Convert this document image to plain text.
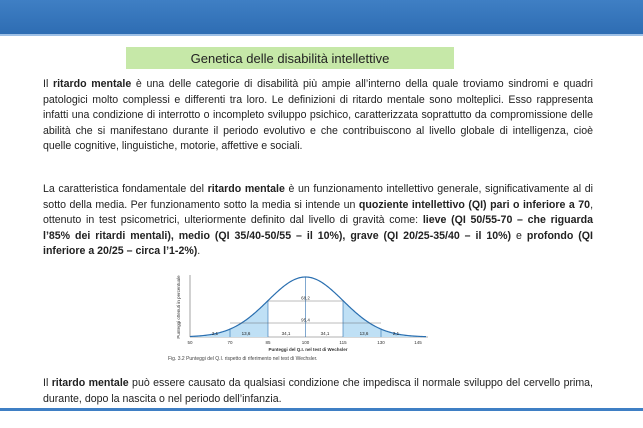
Genetica delle disabilità intellettive

Il ritardo mentale è una delle categorie di disabilità più ampie all’interno della quale troviamo sindromi e quadri patologici molto complessi e differenti tra loro. Le definizioni di ritardo mentale sono molteplici. Esso rappresenta infatti una condizione di interrotto o incompleto sviluppo psichico, caratterizzata soprattutto da compromissione delle abilità che si manifestano durante il periodo evolutivo e che contribuiscono al livello globale di intelligenza, cioè quelle cognitive, linguistiche, motorie, affettive e sociali.

La caratteristica fondamentale del ritardo mentale è un funzionamento intellettivo generale, significativamente al di sotto della media. Per funzionamento sotto la media si intende un quoziente intellettivo (QI) pari o inferiore a 70, ottenuto in test psicometrici, ulteriormente definito dal livello di gravità come: lieve (QI 50/55-70 – che riguarda l’85% dei ritardi mentali), medio (QI 35/40-50/55 – il 10%), grave (QI 20/25-35/40 – il 10%) e profondo (QI inferiore a 20/25 – circa l’1-2%).

Punteggi ottenuti in percentuale	68,2
95,4
2,1	13,6	34,1	34,1	13,6	2,1
50	70	85	100	115	130	145
Punteggi del Q.I. nel test di Wechsler
Fig. 3.2 Punteggi del Q.I. rispetto di riferimento nel test di Wechsler.

Il ritardo mentale può essere causato da qualsiasi condizione che impedisca il normale sviluppo del cervello prima, durante, dopo la nascita o nel periodo dell’infanzia.
